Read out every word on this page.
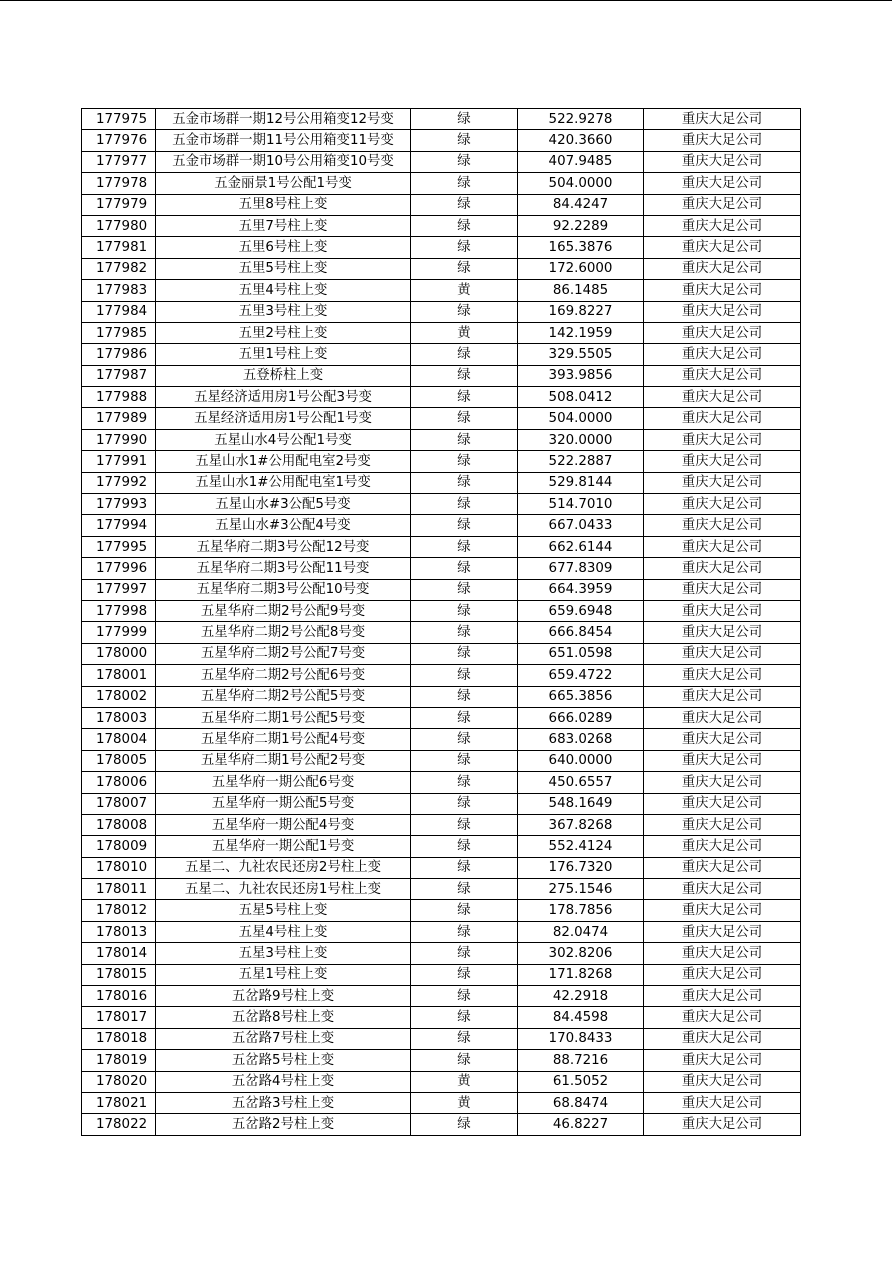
177975	五金市场群一期12号公用箱变12号变	绿	522.9278	重庆大足公司
177976	五金市场群一期11号公用箱变11号变	绿	420.3660	重庆大足公司
177977	五金市场群一期10号公用箱变10号变	绿	407.9485	重庆大足公司
177978	五金丽景1号公配1号变	绿	504.0000	重庆大足公司
177979	五里8号柱上变	绿	84.4247	重庆大足公司
177980	五里7号柱上变	绿	92.2289	重庆大足公司
177981	五里6号柱上变	绿	165.3876	重庆大足公司
177982	五里5号柱上变	绿	172.6000	重庆大足公司
177983	五里4号柱上变	黄	86.1485	重庆大足公司
177984	五里3号柱上变	绿	169.8227	重庆大足公司
177985	五里2号柱上变	黄	142.1959	重庆大足公司
177986	五里1号柱上变	绿	329.5505	重庆大足公司
177987	五登桥柱上变	绿	393.9856	重庆大足公司
177988	五星经济适用房1号公配3号变	绿	508.0412	重庆大足公司
177989	五星经济适用房1号公配1号变	绿	504.0000	重庆大足公司
177990	五星山水4号公配1号变	绿	320.0000	重庆大足公司
177991	五星山水1#公用配电室2号变	绿	522.2887	重庆大足公司
177992	五星山水1#公用配电室1号变	绿	529.8144	重庆大足公司
177993	五星山水#3公配5号变	绿	514.7010	重庆大足公司
177994	五星山水#3公配4号变	绿	667.0433	重庆大足公司
177995	五星华府二期3号公配12号变	绿	662.6144	重庆大足公司
177996	五星华府二期3号公配11号变	绿	677.8309	重庆大足公司
177997	五星华府二期3号公配10号变	绿	664.3959	重庆大足公司
177998	五星华府二期2号公配9号变	绿	659.6948	重庆大足公司
177999	五星华府二期2号公配8号变	绿	666.8454	重庆大足公司
178000	五星华府二期2号公配7号变	绿	651.0598	重庆大足公司
178001	五星华府二期2号公配6号变	绿	659.4722	重庆大足公司
178002	五星华府二期2号公配5号变	绿	665.3856	重庆大足公司
178003	五星华府二期1号公配5号变	绿	666.0289	重庆大足公司
178004	五星华府二期1号公配4号变	绿	683.0268	重庆大足公司
178005	五星华府二期1号公配2号变	绿	640.0000	重庆大足公司
178006	五星华府一期公配6号变	绿	450.6557	重庆大足公司
178007	五星华府一期公配5号变	绿	548.1649	重庆大足公司
178008	五星华府一期公配4号变	绿	367.8268	重庆大足公司
178009	五星华府一期公配1号变	绿	552.4124	重庆大足公司
178010	五星二、九社农民还房2号柱上变	绿	176.7320	重庆大足公司
178011	五星二、九社农民还房1号柱上变	绿	275.1546	重庆大足公司
178012	五星5号柱上变	绿	178.7856	重庆大足公司
178013	五星4号柱上变	绿	82.0474	重庆大足公司
178014	五星3号柱上变	绿	302.8206	重庆大足公司
178015	五星1号柱上变	绿	171.8268	重庆大足公司
178016	五岔路9号柱上变	绿	42.2918	重庆大足公司
178017	五岔路8号柱上变	绿	84.4598	重庆大足公司
178018	五岔路7号柱上变	绿	170.8433	重庆大足公司
178019	五岔路5号柱上变	绿	88.7216	重庆大足公司
178020	五岔路4号柱上变	黄	61.5052	重庆大足公司
178021	五岔路3号柱上变	黄	68.8474	重庆大足公司
178022	五岔路2号柱上变	绿	46.8227	重庆大足公司
